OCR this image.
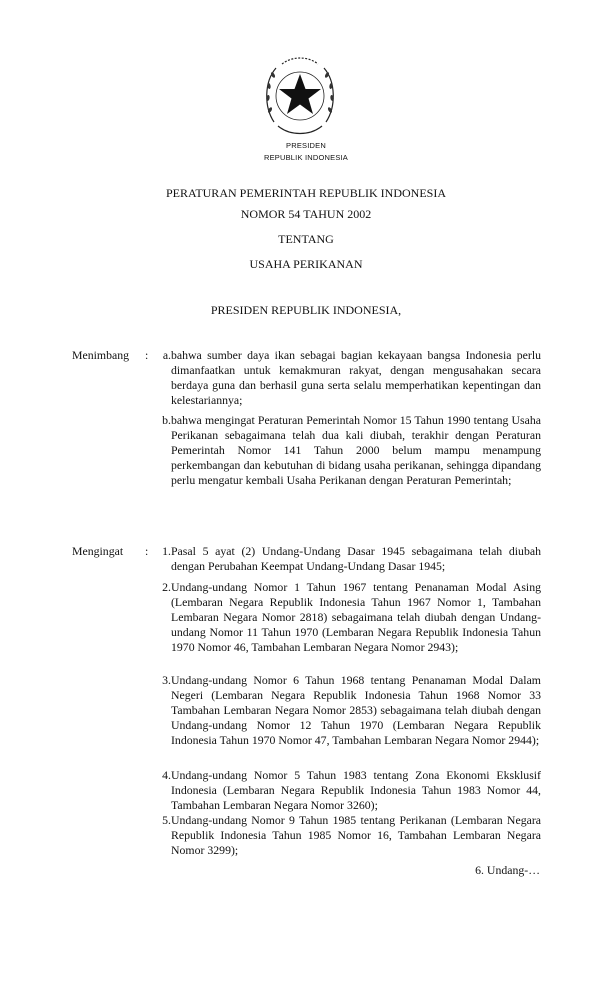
PRESIDEN
REPUBLIK INDONESIA
PERATURAN PEMERINTAH REPUBLIK INDONESIA
NOMOR 54 TAHUN 2002
TENTANG
USAHA PERIKANAN
PRESIDEN REPUBLIK INDONESIA,
Menimbang :	a. bahwa sumber daya ikan sebagai bagian kekayaan bangsa Indonesia perlu dimanfaatkan untuk kemakmuran rakyat, dengan mengusahakan secara berdaya guna dan berhasil guna serta selalu memperhatikan kepentingan dan kelestariannya;
b. bahwa mengingat Peraturan Pemerintah Nomor 15 Tahun 1990 tentang Usaha Perikanan sebagaimana telah dua kali diubah, terakhir dengan Peraturan Pemerintah Nomor 141 Tahun 2000 belum mampu menampung perkembangan dan kebutuhan di bidang usaha perikanan, sehingga dipandang perlu mengatur kembali Usaha Perikanan dengan Peraturan Pemerintah;
Mengingat :	1. Pasal 5 ayat (2) Undang-Undang Dasar 1945 sebagaimana telah diubah dengan Perubahan Keempat Undang-Undang Dasar 1945;
2. Undang-undang Nomor 1 Tahun 1967 tentang Penanaman Modal Asing (Lembaran Negara Republik Indonesia Tahun 1967 Nomor 1, Tambahan Lembaran Negara Nomor 2818) sebagaimana telah diubah dengan Undang-undang Nomor 11 Tahun 1970 (Lembaran Negara Republik Indonesia Tahun 1970 Nomor 46, Tambahan Lembaran Negara Nomor 2943);
3. Undang-undang Nomor 6 Tahun 1968 tentang Penanaman Modal Dalam Negeri (Lembaran Negara Republik Indonesia Tahun 1968 Nomor 33 Tambahan Lembaran Negara Nomor 2853) sebagaimana telah diubah dengan Undang-undang Nomor 12 Tahun 1970 (Lembaran Negara Republik Indonesia Tahun 1970 Nomor 47, Tambahan Lembaran Negara Nomor 2944);
4. Undang-undang Nomor 5 Tahun 1983 tentang Zona Ekonomi Eksklusif Indonesia (Lembaran Negara Republik Indonesia Tahun 1983 Nomor 44, Tambahan Lembaran Negara Nomor 3260);
5. Undang-undang Nomor 9 Tahun 1985 tentang Perikanan (Lembaran Negara Republik Indonesia Tahun 1985 Nomor 16, Tambahan Lembaran Negara Nomor 3299);
6. Undang-…
